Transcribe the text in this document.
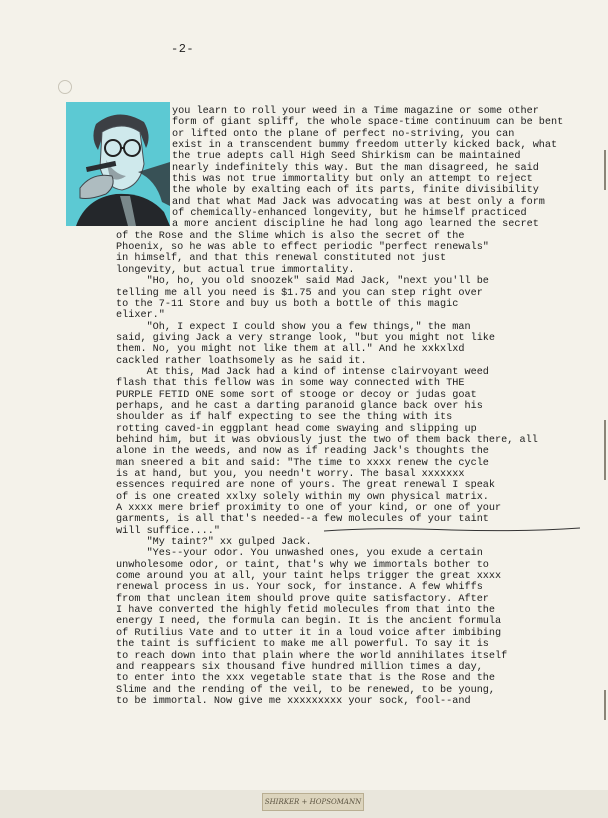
-2-
you learn to roll your weed in a Time magazine or some other
form of giant spliff, the whole space-time continuum can be bent
or lifted onto the plane of perfect no-striving, you can
exist in a transcendent bummy freedom utterly kicked back, what
the true adepts call High Seed Shirkism can be maintained
nearly indefinitely this way. But the man disagreed, he said
this was not true immortality but only an attempt to reject
the whole by exalting each of its parts, finite divisibility
and that what Mad Jack was advocating was at best only a form
of chemically-enhanced longevity, but he himself practiced
a more ancient discipline he had long ago learned the secret
of the Rose and the Slime which is also the secret of the
Phoenix, so he was able to effect periodic "perfect renewals"
in himself, and that this renewal constituted not just
longevity, but actual true immortality.
"Ho, ho, you old snoozek" said Mad Jack, "next you'll be
telling me all you need is $1.75 and you can step right over
to the 7-11 Store and buy us both a bottle of this magic
elixer."
"Oh, I expect I could show you a few things," the man
said, giving Jack a very strange look, "but you might not like
them. No, you might not like them at all." And he xxkxlxd
cackled rather loathsomely as he said it.
At this, Mad Jack had a kind of intense clairvoyant weed
flash that this fellow was in some way connected with THE
PURPLE FETID ONE some sort of stooge or decoy or judas goat
perhaps, and he cast a darting paranoid glance back over his
shoulder as if half expecting to see the thing with its
rotting caved-in eggplant head come swaying and slipping up
behind him, but it was obviously just the two of them back there, all
alone in the weeds, and now as if reading Jack's thoughts the
man sneered a bit and said: "The time to xxxx renew the cycle
is at hand, but you, you needn't worry. The basal xxxxxxx
essences required are none of yours. The great renewal I speak
of is one created xxlxy solely within my own physical matrix.
A xxxx mere brief proximity to one of your kind, or one of your
garments, is all that's needed--a few molecules of your taint
will suffice...."
"My taint?" xx gulped Jack.
"Yes--your odor. You unwashed ones, you exude a certain
unwholesome odor, or taint, that's why we immortals bother to
come around you at all, your taint helps trigger the great xxxx
renewal process in us. Your sock, for instance. A few whiffs
from that unclean item should prove quite satisfactory. After
I have converted the highly fetid molecules from that into the
energy I need, the formula can begin. It is the ancient formula
of Rutilius Vate and to utter it in a loud voice after imbibing
the taint is sufficient to make me all powerful. To say it is
to reach down into that plain where the world annihilates itself
and reappears six thousand five hundred million times a day,
to enter into the xxx vegetable state that is the Rose and the
Slime and the rending of the veil, to be renewed, to be young,
to be immortal. Now give me xxxxxxxxx your sock, fool--and
SHIRKER + HOPSOMANN
